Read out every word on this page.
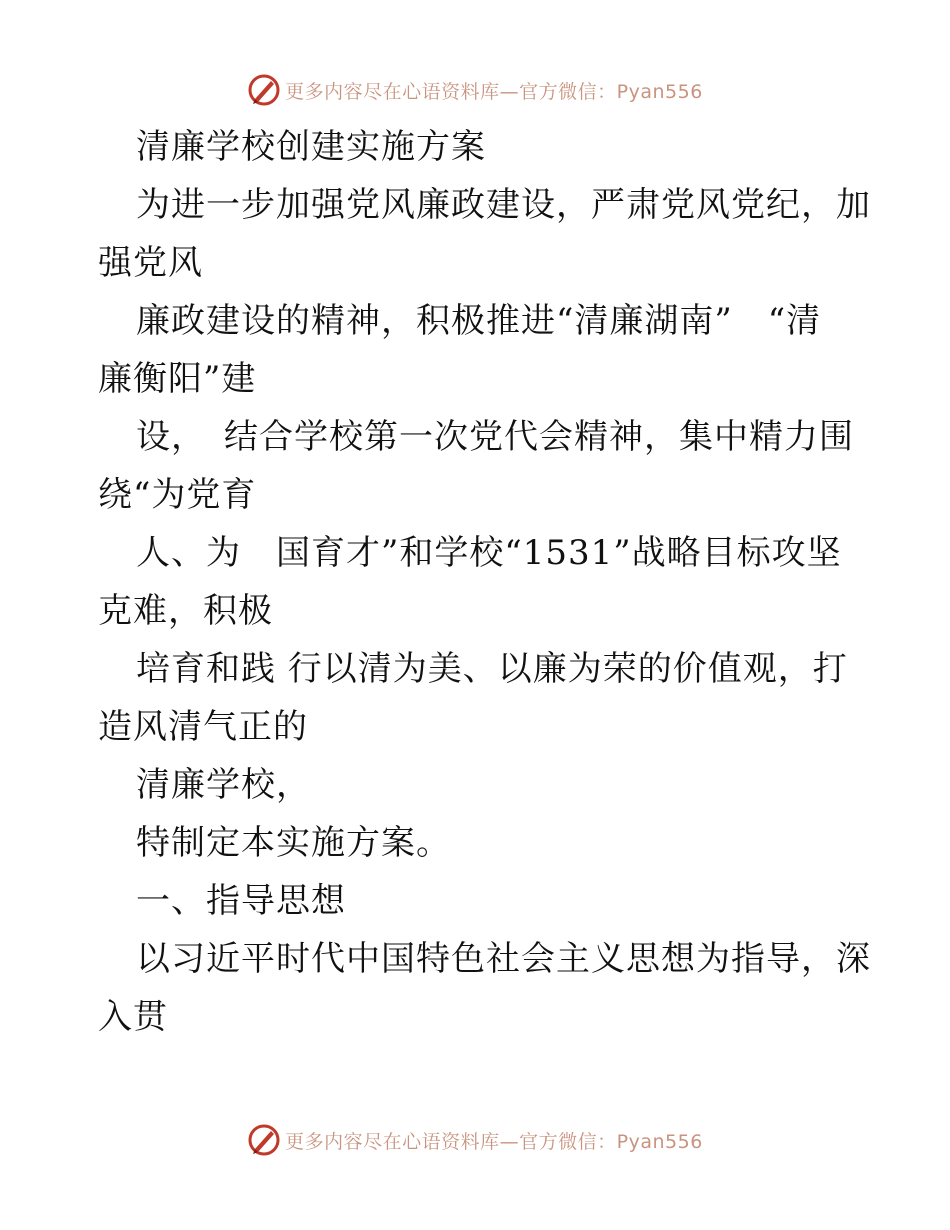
更多内容尽在心语资料库—官方微信：Pyan556
清廉学校创建实施方案
为进一步加强党风廉政建设，严肃党风党纪，加
强党风
廉政建设的精神，积极推进“清廉湖南”　“清
廉衡阳”建
设，　结合学校第一次党代会精神，集中精力围
绕“为党育
人、为　国育才”和学校“1531”战略目标攻坚
克难，积极
培育和践 行以清为美、以廉为荣的价值观，打
造风清气正的
清廉学校，
特制定本实施方案。
一、指导思想
以习近平时代中国特色社会主义思想为指导，深
入贯
更多内容尽在心语资料库—官方微信：Pyan556
